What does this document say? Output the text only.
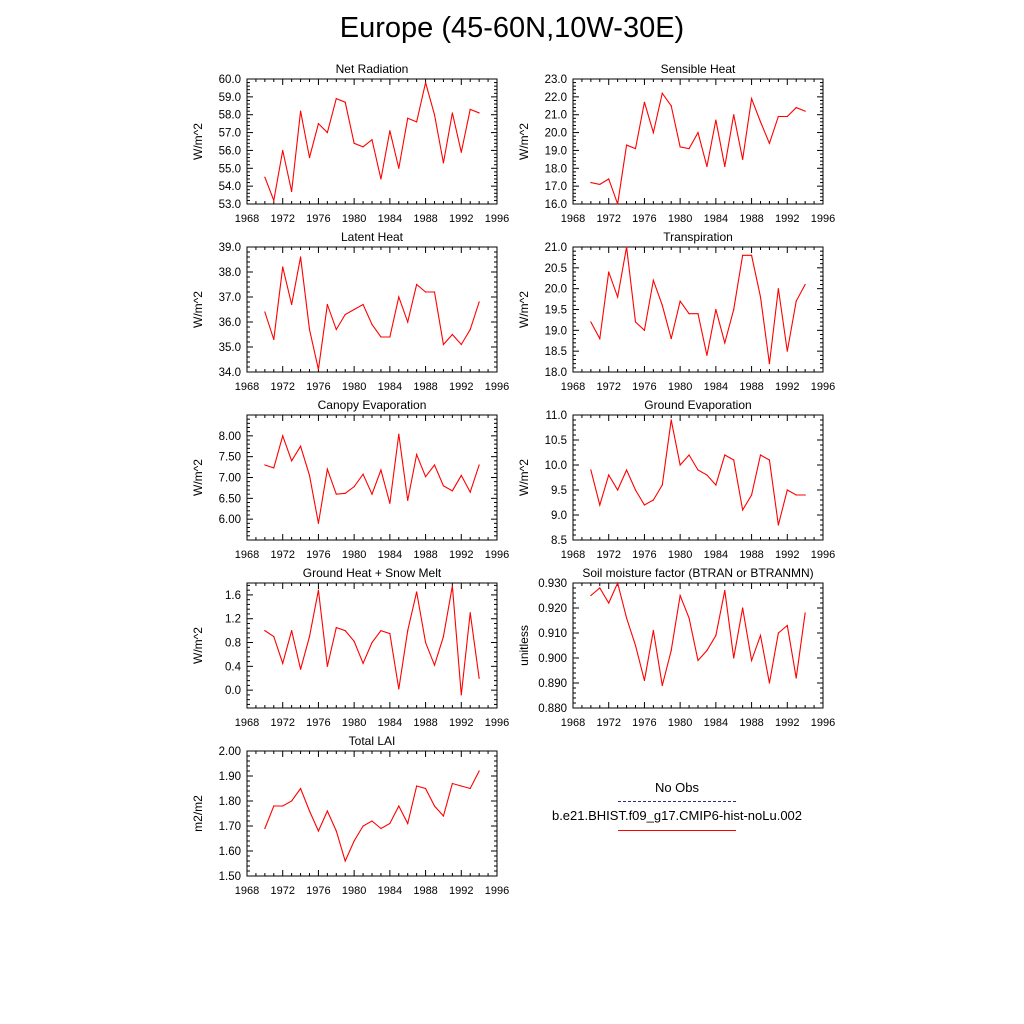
Europe (45-60N,10W-30E)
1968 1972 1976 1980 1984 1988 1992 1996
53.0
54.0
55.0
56.0
57.0
58.0
59.0
60.0
Net Radiation
W/m^2
1968 1972 1976 1980 1984 1988 1992 1996
16.0
17.0
18.0
19.0
20.0
21.0
22.0
23.0
Sensible Heat
W/m^2
1968 1972 1976 1980 1984 1988 1992 1996
34.0
35.0
36.0
37.0
38.0
39.0
Latent Heat
W/m^2
1968 1972 1976 1980 1984 1988 1992 1996
18.0
18.5
19.0
19.5
20.0
20.5
21.0
Transpiration
W/m^2
1968 1972 1976 1980 1984 1988 1992 1996
6.00
6.50
7.00
7.50
8.00
Canopy Evaporation
W/m^2
1968 1972 1976 1980 1984 1988 1992 1996
8.5
9.0
9.5
10.0
10.5
11.0
Ground Evaporation
W/m^2
1968 1972 1976 1980 1984 1988 1992 1996
0.0
0.4
0.8
1.2
1.6
Ground Heat + Snow Melt
W/m^2
1968 1972 1976 1980 1984 1988 1992 1996
0.880
0.890
0.900
0.910
0.920
0.930
Soil moisture factor (BTRAN or BTRANMN)
unitless
1968 1972 1976 1980 1984 1988 1992 1996
1.50
1.60
1.70
1.80
1.90
2.00
Total LAI
m2/m2
No Obs
b.e21.BHIST.f09_g17.CMIP6-hist-noLu.002
